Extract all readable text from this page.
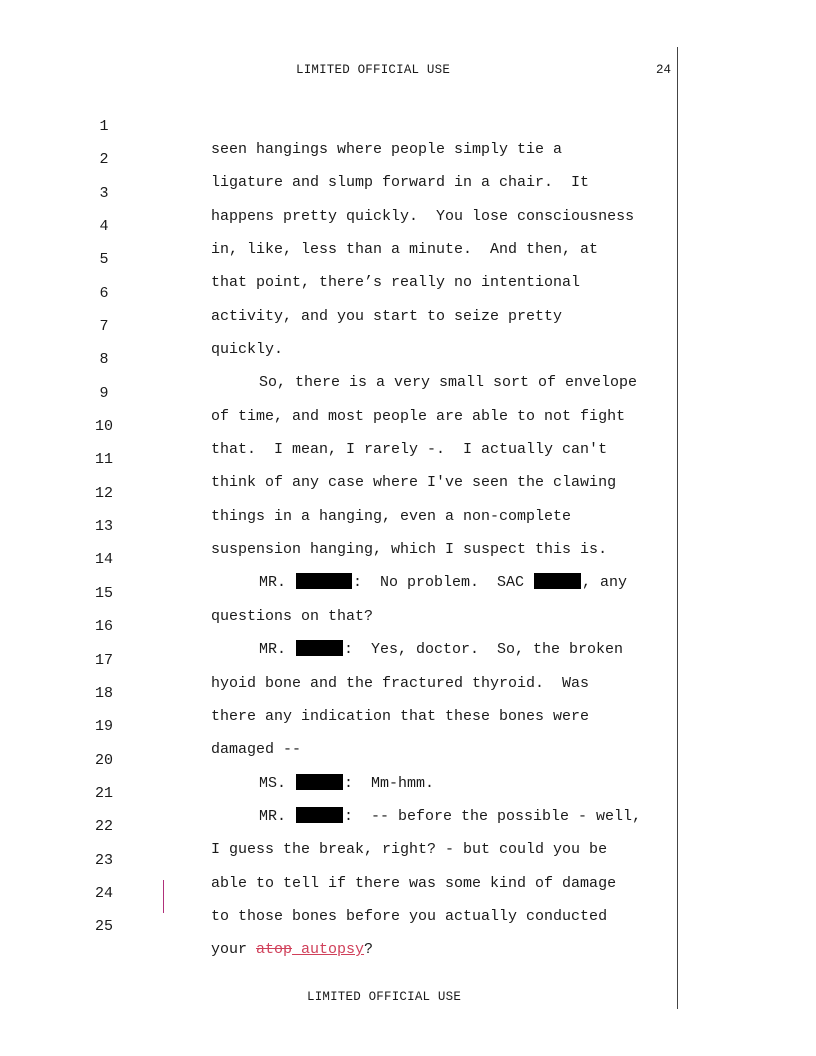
LIMITED OFFICIAL USE	24

1

seen hangings where people simply tie a

2

ligature and slump forward in a chair.  It

3

happens pretty quickly.  You lose consciousness

4

in, like, less than a minute.  And then, at

5

that point, there’s really no intentional

6

activity, and you start to seize pretty

7

quickly.

8

So, there is a very small sort of envelope

9

of time, and most people are able to not fight

10

that.  I mean, I rarely -.  I actually can't

11

think of any case where I've seen the clawing

12

things in a hanging, even a non-complete

13

suspension hanging, which I suspect this is.

14

MR.	:  No problem.  SAC	, any

15

questions on that?

16

MR.	:  Yes, doctor.  So, the broken

17

hyoid bone and the fractured thyroid.  Was

18

there any indication that these bones were

19

damaged --

20

MS.	:  Mm-hmm.

21

MR.	:  -- before the possible - well,

22

I guess the break, right? - but could you be

23

able to tell if there was some kind of damage

24

to those bones before you actually conducted

25

your atop autopsy?

LIMITED OFFICIAL USE
